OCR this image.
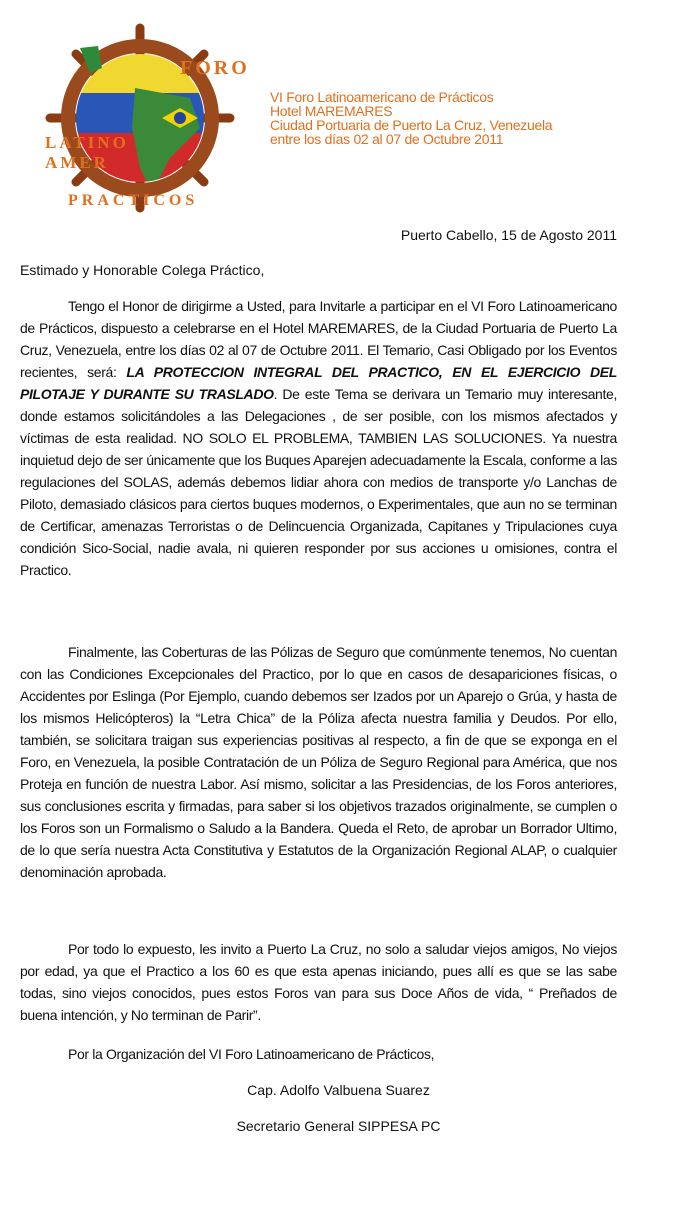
FORO
LATINO
AMER
PRACTICOS
VI Foro Latinoamericano de Prácticos
Hotel MAREMARES
Ciudad Portuaria de Puerto La Cruz, Venezuela
entre los días 02 al 07 de Octubre 2011
Puerto Cabello, 15 de Agosto 2011
Estimado y Honorable Colega Práctico,
Tengo el Honor de dirigirme a Usted, para Invitarle a participar en el VI Foro Latinoamericano de Prácticos, dispuesto a celebrarse en el Hotel MAREMARES, de la Ciudad Portuaria de Puerto La Cruz, Venezuela, entre los días 02 al 07 de Octubre 2011. El Temario, Casi Obligado por los Eventos recientes, será: LA PROTECCION INTEGRAL DEL PRACTICO, EN EL EJERCICIO DEL PILOTAJE Y DURANTE SU TRASLADO. De este Tema se derivara un Temario muy interesante, donde estamos solicitándoles a las Delegaciones , de ser posible, con los mismos afectados y víctimas de esta realidad. NO SOLO EL PROBLEMA, TAMBIEN LAS SOLUCIONES. Ya nuestra inquietud dejo de ser únicamente que los Buques Aparejen adecuadamente la Escala, conforme a las regulaciones del SOLAS, además debemos lidiar ahora con medios de transporte y/o Lanchas de Piloto, demasiado clásicos para ciertos buques modernos, o Experimentales, que aun no se terminan de Certificar, amenazas Terroristas o de Delincuencia Organizada, Capitanes y Tripulaciones cuya condición Sico-Social, nadie avala, ni quieren responder por sus acciones u omisiones, contra el Practico.
Finalmente, las Coberturas de las Pólizas de Seguro que comúnmente tenemos, No cuentan con las Condiciones Excepcionales del Practico, por lo que en casos de desapariciones físicas, o Accidentes por Eslinga (Por Ejemplo, cuando debemos ser Izados por un Aparejo o Grúa, y hasta de los mismos Helicópteros) la “Letra Chica” de la Póliza afecta nuestra familia y Deudos. Por ello, también, se solicitara traigan sus experiencias positivas al respecto, a fin de que se exponga en el Foro, en Venezuela, la posible Contratación de un Póliza de Seguro Regional para América, que nos Proteja en función de nuestra Labor. Así mismo, solicitar a las Presidencias, de los Foros anteriores, sus conclusiones escrita y firmadas, para saber si los objetivos trazados originalmente, se cumplen o los Foros son un Formalismo o Saludo a la Bandera. Queda el Reto, de aprobar un Borrador Ultimo, de lo que sería nuestra Acta Constitutiva y Estatutos de la Organización Regional ALAP, o cualquier denominación aprobada.
Por todo lo expuesto, les invito a Puerto La Cruz, no solo a saludar viejos amigos, No viejos por edad, ya que el Practico a los 60 es que esta apenas iniciando, pues allí es que se las sabe todas, sino viejos conocidos, pues estos Foros van para sus Doce Años de vida, “ Preñados de buena intención, y No terminan de Parir”.
Por la Organización del VI Foro Latinoamericano de Prácticos,
Cap. Adolfo Valbuena Suarez
Secretario General SIPPESA PC
